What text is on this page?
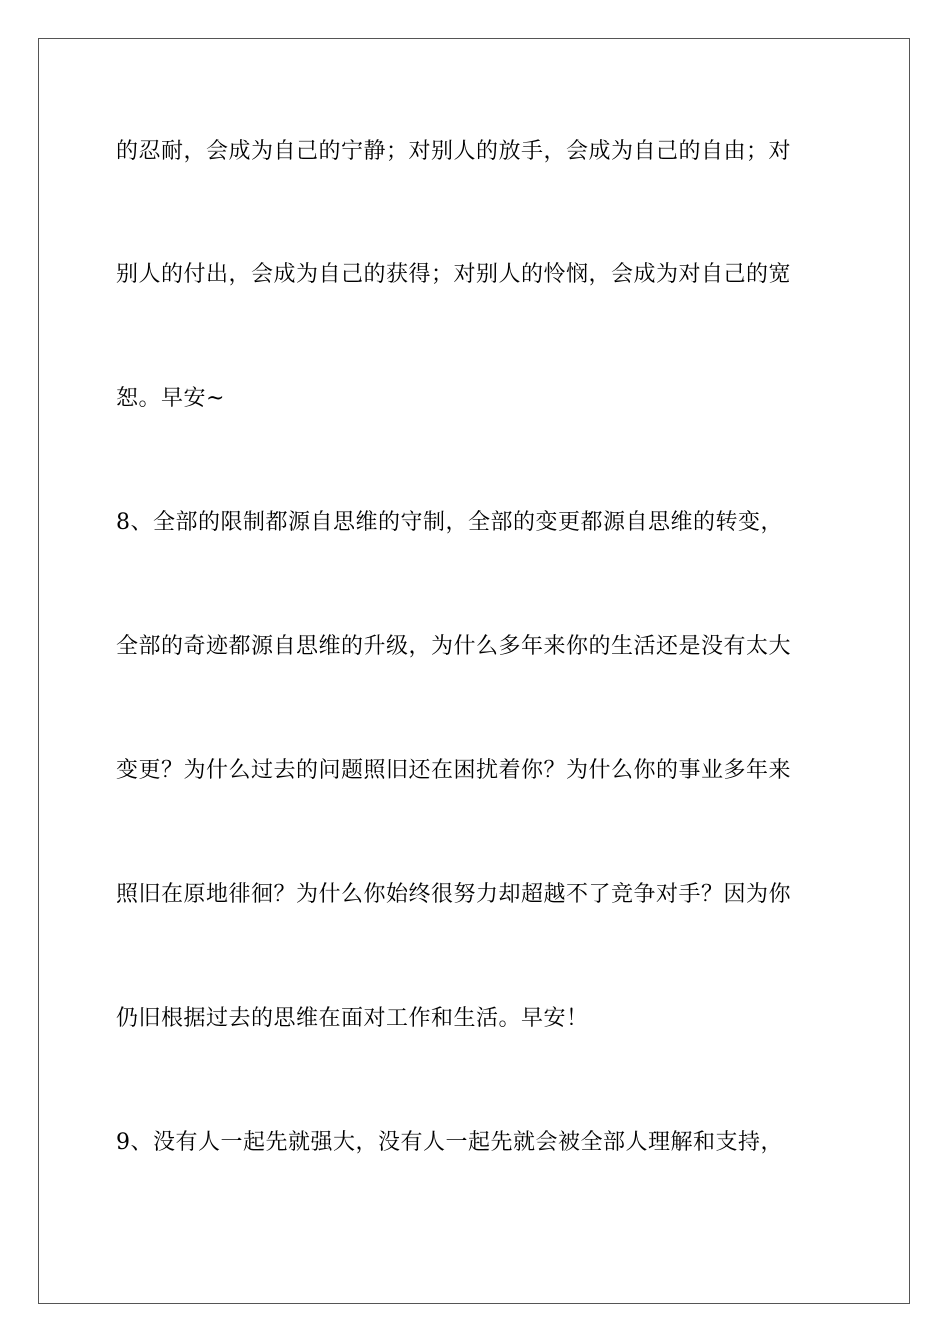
的忍耐，会成为自己的宁静；对别人的放手，会成为自己的自由；对
别人的付出，会成为自己的获得；对别人的怜悯，会成为对自己的宽
恕。早安~
8、全部的限制都源自思维的守制，全部的变更都源自思维的转变，
全部的奇迹都源自思维的升级，为什么多年来你的生活还是没有太大
变更？为什么过去的问题照旧还在困扰着你？为什么你的事业多年来
照旧在原地徘徊？为什么你始终很努力却超越不了竞争对手？因为你
仍旧根据过去的思维在面对工作和生活。早安！
9、没有人一起先就强大，没有人一起先就会被全部人理解和支持，
